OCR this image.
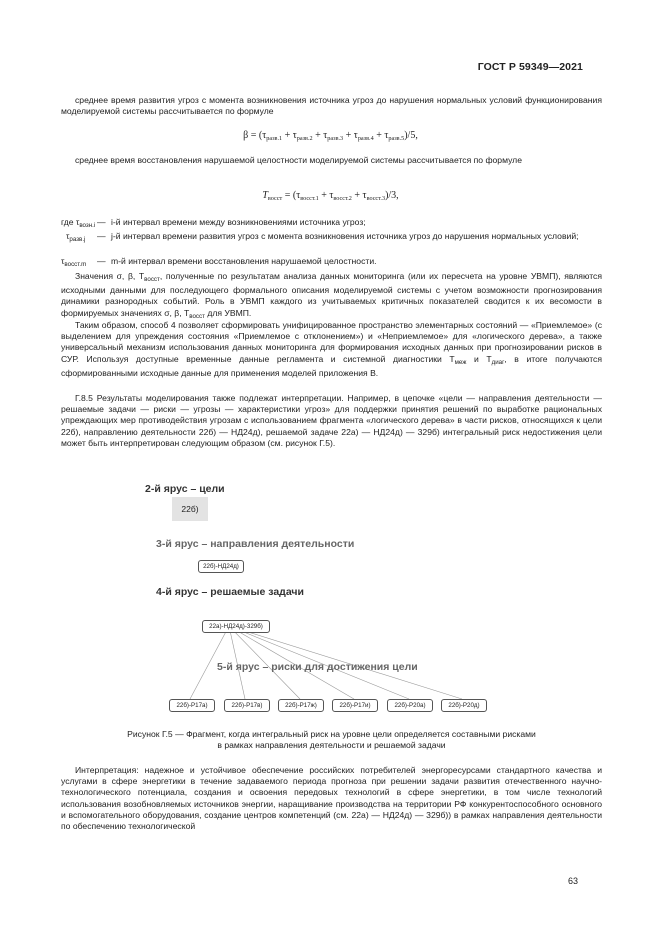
ГОСТ Р 59349—2021
среднее время развития угроз с момента возникновения источника угроз до нарушения нормальных условий функционирования моделируемой системы рассчитывается по формуле
$\beta = (\tau_{разв.1} + \tau_{разв.2} + \tau_{разв.3} + \tau_{разв.4} + \tau_{разв.5})/5$,
среднее время восстановления нарушаемой целостности моделируемой системы рассчитывается по формуле
$T_{восст} = (\tau_{восст.1} + \tau_{восст.2} + \tau_{восст.3})/3$,
где $\tau_{возн.i}$ — i-й интервал времени между возникновениями источника угроз;
$\tau_{разв.j}$	— j-й интервал времени развития угроз с момента возникновения источника угроз до нарушения нормальных условий;
$\tau_{восст.m}$	— m-й интервал времени восстановления нарушаемой целостности.
Значения σ, β, $T_{восст}$, полученные по результатам анализа данных мониторинга (или их пересчета на уровне УВМП), являются исходными данными для последующего формального описания моделируемой системы с учетом возможности прогнозирования динамики разнородных событий. Роль в УВМП каждого из учитываемых критичных показателей сводится к их весомости в формируемых значениях σ, β, $T_{восст}$ для УВМП.
Таким образом, способ 4 позволяет сформировать унифицированное пространство элементарных состояний — «Приемлемое» (с выделением для упреждения состояния «Приемлемое с отклонением») и «Неприемлемое» для «логического дерева», а также универсальный механизм использования данных мониторинга для формирования исходных данных при прогнозировании рисков в СУР. Используя доступные временные данные регламента и системной диагностики $T_{меж}$ и $T_{диаг}$, в итоге получаются сформированными исходные данные для применения моделей приложения В.
Г.8.5 Результаты моделирования также подлежат интерпретации. Например, в цепочке «цели — направления деятельности — решаемые задачи — риски — угрозы — характеристики угроз» для поддержки принятия решений по выработке рациональных упреждающих мер противодействия угрозам с использованием фрагмента «логического дерева» в части рисков, относящихся к цели 22б), направлению деятельности 22б) — НД24д), решаемой задаче 22а) — НД24д) — 329б) интегральный риск недостижения цели может быть интерпретирован следующим образом (см. рисунок Г.5).
2-й ярус – цели
22б)
3-й ярус – направления деятельности
22б)-НД24д)
4-й ярус – решаемые задачи
22а)-НД24д)-329б)
5-й ярус – риски для достижения цели
22б)-Р17а)	22б)-Р17в)	22б)-Р17ж)	22б)-Р17и)	22б)-Р20а)	22б)-Р20д)
Рисунок Г.5 — Фрагмент, когда интегральный риск на уровне цели определяется составными рисками
в рамках направления деятельности и решаемой задачи
Интерпретация: надежное и устойчивое обеспечение российских потребителей энергоресурсами стандартного качества и услугами в сфере энергетики в течение задаваемого периода прогноза при решении задачи развития отечественного научно-технологического потенциала, создания и освоения передовых технологий в сфере энергетики, в том числе технологий использования возобновляемых источников энергии, наращивание производства на территории РФ конкурентоспособного основного и вспомогательного оборудования, создание центров компетенций (см. 22а) — НД24д) — 329б)) в рамках направления деятельности по обеспечению технологической
63
